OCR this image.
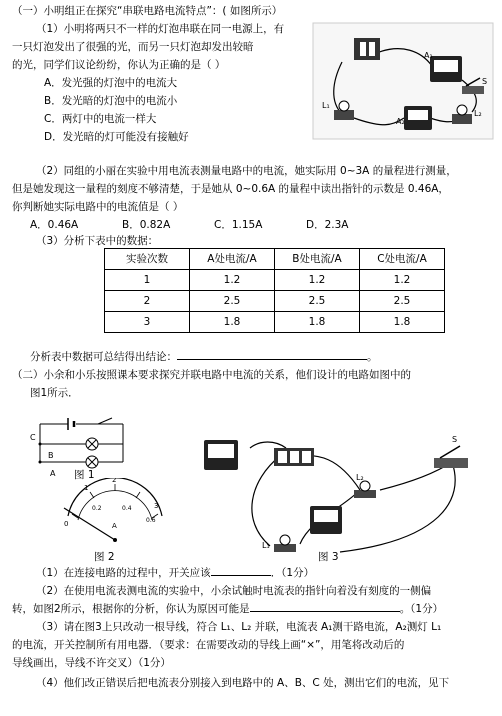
（一）小明组正在探究“串联电路电流特点”：( 如图所示）
（1）小明将两只不一样的灯泡串联在同一电源上，有
一只灯泡发出了很强的光，而另一只灯泡却发出较暗
的光，同学们议论纷纷，你认为正确的是（ ）
A．发光强的灯泡中的电流大
B．发光暗的灯泡中的电流小
C．两灯中的电流一样大
D．发光暗的灯可能没有接触好
A₁
A₂
L₁
L₂
S
（2）同组的小丽在实验中用电流表测量电路中的电流，她实际用 0~3A 的量程进行测量，
但是她发现这一量程的刻度不够清楚，于是她从 0~0.6A 的量程中读出指针的示数是 0.46A，
你判断她实际电路中的电流值是（ ）
A．0.46A	B．0.82A	C．1.15A	D．2.3A
（3）分析下表中的数据：
实验次数	A处电流/A	B处电流/A	C处电流/A
1	1.2	1.2	1.2
2	2.5	2.5	2.5
3	1.8	1.8	1.8
分析表中数据可总结得出结论：	。
（二）小余和小乐按照课本要求探究并联电路中电流的关系，他们设计的电路如图中的
图1所示．
C
B
A 图 1
0
1
2
3
0.2	0.4
0.6
A
图 2
L₂
L₁
S
图 3
（1）在连接电路的过程中，开关应该	．（1分）
（2）在使用电流表测电流的实验中，小余试触时电流表的指针向着没有刻度的一侧偏
转，如图2所示，根据你的分析，你认为原因可能是	。（1分）
（3）请在图3上只改动一根导线，符合 L₁、L₂ 并联，电流表 A₁测干路电流，A₂测灯 L₁
的电流，开关控制所有用电器．（要求：在需要改动的导线上画“×”，用笔将改动后的
导线画出，导线不许交叉）（1分）
（4）他们改正错误后把电流表分别接入到电路中的 A、B、C 处，测出它们的电流，见下
